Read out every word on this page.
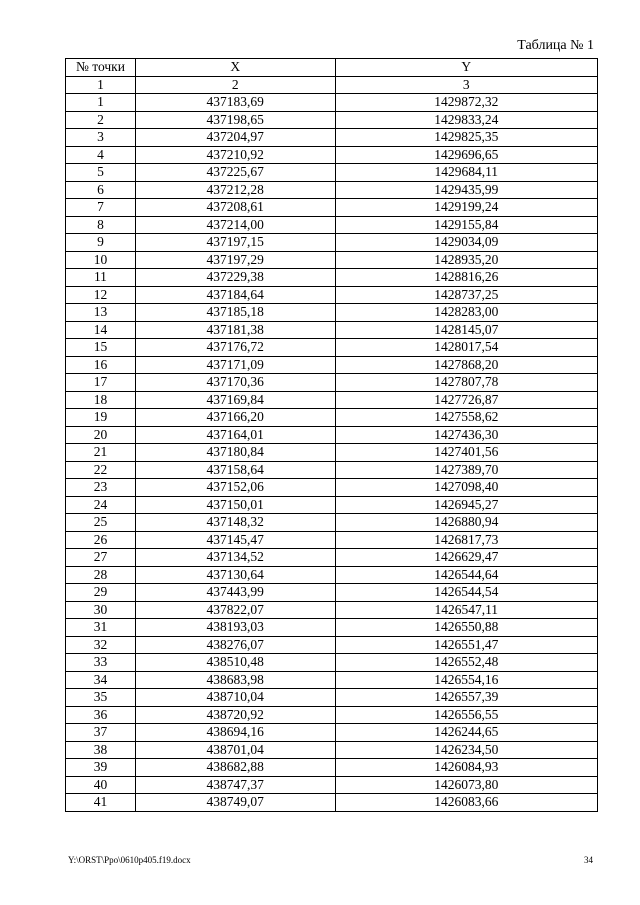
Таблица № 1
№ точки	X	Y
1	2	3
1	437183,69	1429872,32
2	437198,65	1429833,24
3	437204,97	1429825,35
4	437210,92	1429696,65
5	437225,67	1429684,11
6	437212,28	1429435,99
7	437208,61	1429199,24
8	437214,00	1429155,84
9	437197,15	1429034,09
10	437197,29	1428935,20
11	437229,38	1428816,26
12	437184,64	1428737,25
13	437185,18	1428283,00
14	437181,38	1428145,07
15	437176,72	1428017,54
16	437171,09	1427868,20
17	437170,36	1427807,78
18	437169,84	1427726,87
19	437166,20	1427558,62
20	437164,01	1427436,30
21	437180,84	1427401,56
22	437158,64	1427389,70
23	437152,06	1427098,40
24	437150,01	1426945,27
25	437148,32	1426880,94
26	437145,47	1426817,73
27	437134,52	1426629,47
28	437130,64	1426544,64
29	437443,99	1426544,54
30	437822,07	1426547,11
31	438193,03	1426550,88
32	438276,07	1426551,47
33	438510,48	1426552,48
34	438683,98	1426554,16
35	438710,04	1426557,39
36	438720,92	1426556,55
37	438694,16	1426244,65
38	438701,04	1426234,50
39	438682,88	1426084,93
40	438747,37	1426073,80
41	438749,07	1426083,66
Y:\ORST\Ppo\0610p405.f19.docx	34
